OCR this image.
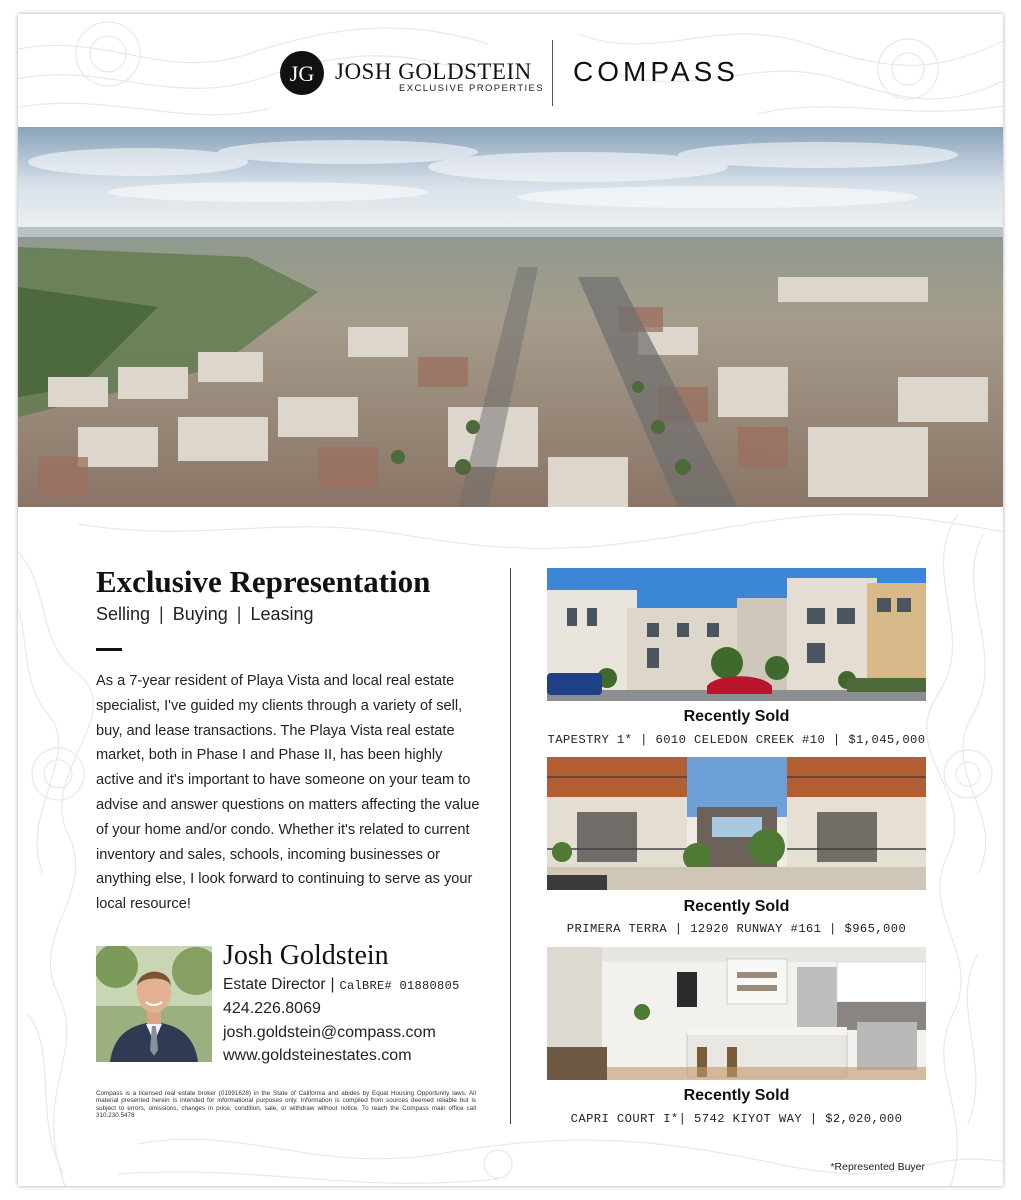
JG JOSH GOLDSTEIN
EXCLUSIVE PROPERTIES
COMPASS
Exclusive Representation
Selling | Buying | Leasing
As a 7-year resident of Playa Vista and local real estate specialist, I've guided my clients through a variety of sell, buy, and lease transactions. The Playa Vista real estate market, both in Phase I and Phase II, has been highly active and it's important to have someone on your team to advise and answer questions on matters affecting the value of your home and/or condo. Whether it's related to current inventory and sales, schools, incoming businesses or anything else, I look forward to continuing to serve as your local resource!
Josh Goldstein
Estate Director | CalBRE# 01880805
424.226.8069
josh.goldstein@compass.com
www.goldsteinestates.com
Compass is a licensed real estate broker (01991628) in the State of California and abides by Equal Housing Opportunity laws. All material presented herein is intended for informational purposes only. Information is compiled from sources deemed reliable but is subject to errors, omissions, changes in price, condition, sale, or withdraw without notice. To reach the Compass main office call 310.230.5478
Recently Sold
TAPESTRY 1* | 6010 CELEDON CREEK #10 | $1,045,000
Recently Sold
PRIMERA TERRA | 12920 RUNWAY #161 | $965,000
Recently Sold
CAPRI COURT I*| 5742 KIYOT WAY | $2,020,000
*Represented Buyer
